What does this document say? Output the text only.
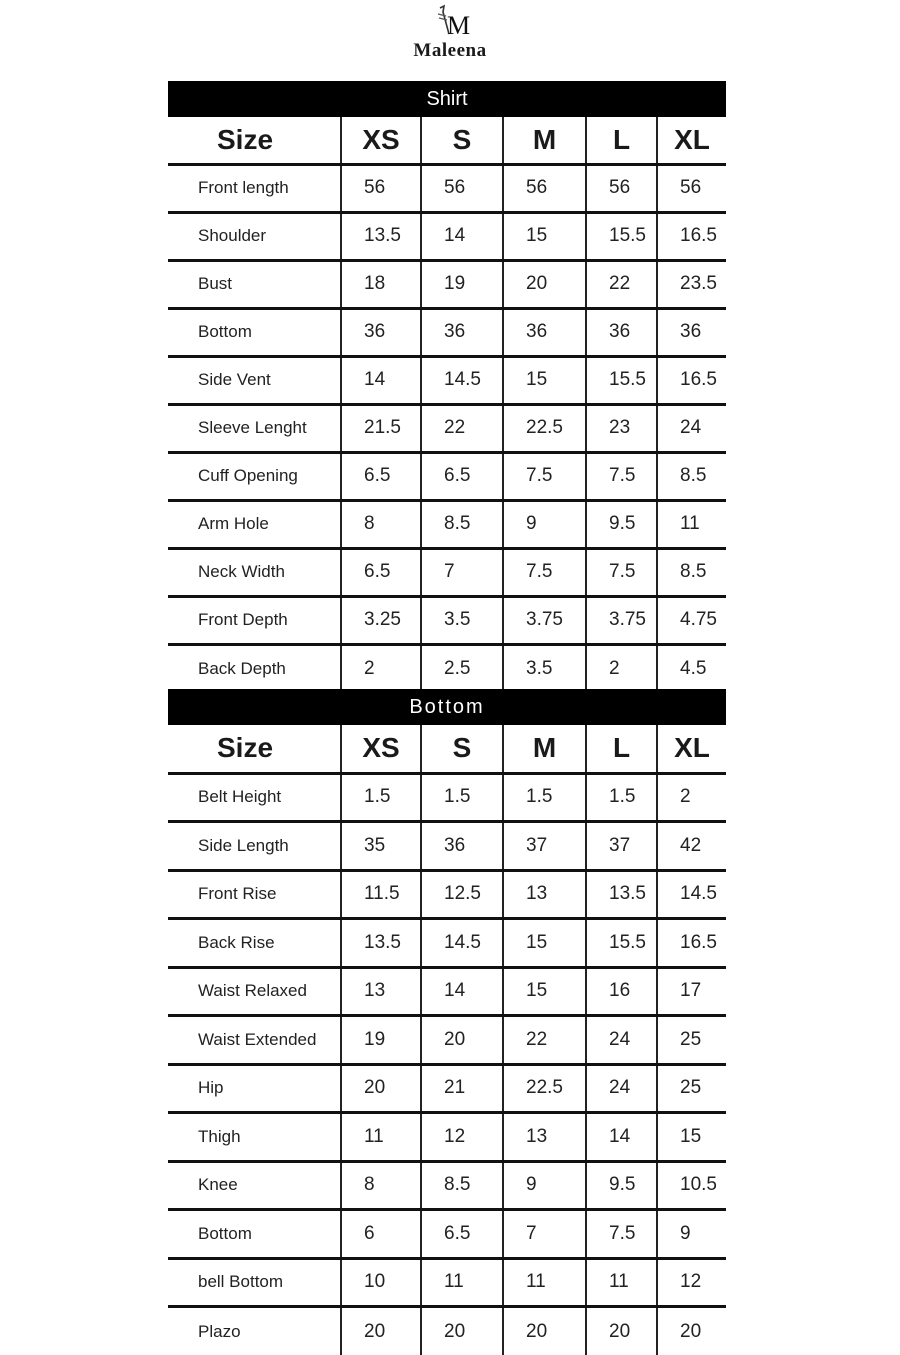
M
Maleena
Shirt
Size	XS	S	M	L	XL
Front length	56	56	56	56	56
Shoulder	13.5	14	15	15.5	16.5
Bust	18	19	20	22	23.5
Bottom	36	36	36	36	36
Side Vent	14	14.5	15	15.5	16.5
Sleeve Lenght	21.5	22	22.5	23	24
Cuff Opening	6.5	6.5	7.5	7.5	8.5
Arm Hole	8	8.5	9	9.5	11
Neck Width	6.5	7	7.5	7.5	8.5
Front Depth	3.25	3.5	3.75	3.75	4.75
Back Depth	2	2.5	3.5	2	4.5
Bottom
Size	XS	S	M	L	XL
Belt Height	1.5	1.5	1.5	1.5	2
Side Length	35	36	37	37	42
Front Rise	11.5	12.5	13	13.5	14.5
Back Rise	13.5	14.5	15	15.5	16.5
Waist Relaxed	13	14	15	16	17
Waist Extended	19	20	22	24	25
Hip	20	21	22.5	24	25
Thigh	11	12	13	14	15
Knee	8	8.5	9	9.5	10.5
Bottom	6	6.5	7	7.5	9
bell Bottom	10	11	11	11	12
Plazo	20	20	20	20	20
